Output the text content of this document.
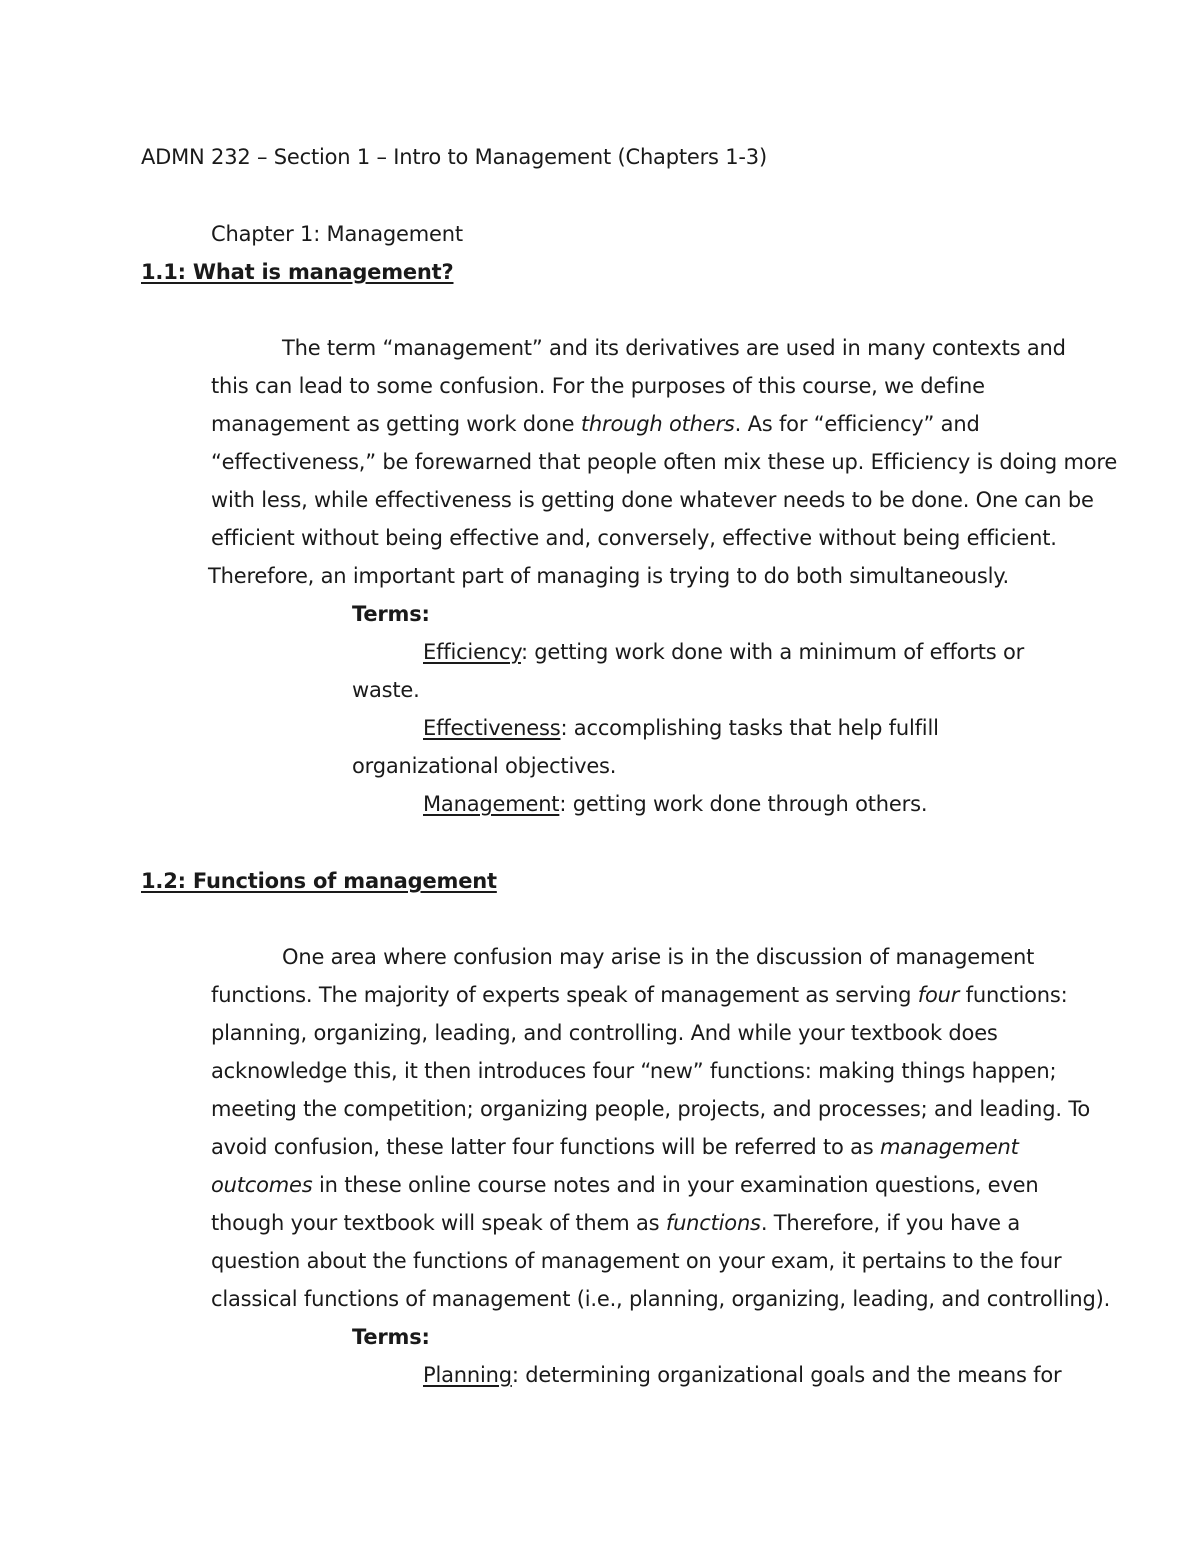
ADMN 232 – Section 1 – Intro to Management (Chapters 1-3)
Chapter 1: Management
1.1: What is management?
The term “management” and its derivatives are used in many contexts and
this can lead to some confusion. For the purposes of this course, we define
management as getting work done through others. As for “efficiency” and
“effectiveness,” be forewarned that people often mix these up. Efficiency is doing more
with less, while effectiveness is getting done whatever needs to be done. One can be
efficient without being effective and, conversely, effective without being efficient.
Therefore, an important part of managing is trying to do both simultaneously.
Terms:
Efficiency: getting work done with a minimum of efforts or
waste.
Effectiveness: accomplishing tasks that help fulfill
organizational objectives.
Management: getting work done through others.
1.2: Functions of management
One area where confusion may arise is in the discussion of management
functions. The majority of experts speak of management as serving four functions:
planning, organizing, leading, and controlling. And while your textbook does
acknowledge this, it then introduces four “new” functions: making things happen;
meeting the competition; organizing people, projects, and processes; and leading. To
avoid confusion, these latter four functions will be referred to as management
outcomes in these online course notes and in your examination questions, even
though your textbook will speak of them as functions. Therefore, if you have a
question about the functions of management on your exam, it pertains to the four
classical functions of management (i.e., planning, organizing, leading, and controlling).
Terms:
Planning: determining organizational goals and the means for
